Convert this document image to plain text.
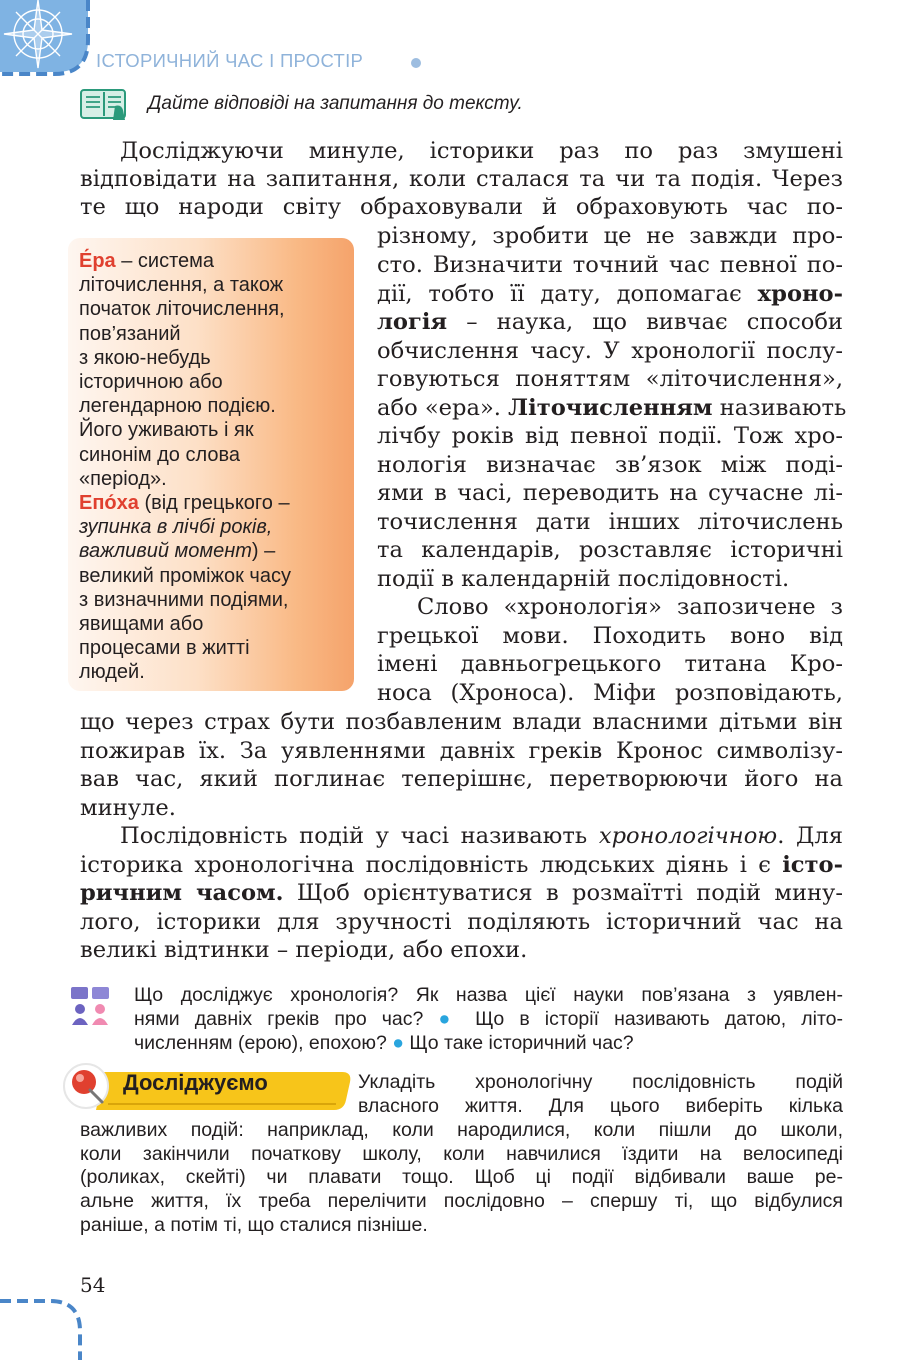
ІСТОРИЧНИЙ ЧАС І ПРОСТІР
Дайте відповіді на запитання до тексту.
Досліджуючи минуле, історики раз по раз змушені
відповідати на запитання, коли сталася та чи та подія. Через
те що народи світу обраховували й обраховують час по-
різному, зробити це не завжди про-
сто. Визначити точний час певної по-
дії, тобто її дату, допомагає хроно-
логія – наука, що вивчає способи
обчислення часу. У хронології послу-
говуються поняттям «літочислення»,
або «ера». Літочисленням називають
лічбу років від певної події. Тож хро-
нологія визначає зв’язок між поді-
ями в часі, переводить на сучасне лі-
точислення дати інших літочислень
та календарів, розставляє історичні
події в календарній послідовності.
Слово «хронологія» запозичене з
грецької мови. Походить воно від
імені давньогрецького титана Кро-
носа (Хроноса). Міфи розповідають,
Е́ра – система
літочислення, а також
початок літочислення,
пов’язаний
з якою-небудь
історичною або
легендарною подією.
Його уживають і як
синонім до слова
«період».
Епо́ха (від грецького –
зупинка в лічбі років,
важливий момент) –
великий проміжок часу
з визначними подіями,
явищами або
процесами в житті
людей.
що через страх бути позбавленим влади власними дітьми він
пожирав їх. За уявленнями давніх греків Кронос символізу-
вав час, який поглинає теперішнє, перетворюючи його на
минуле.
Послідовність подій у часі називають хронологічною. Для
історика хронологічна послідовність людських діянь і є істо-
ричним часом. Щоб орієнтуватися в розмаїтті подій мину-
лого, історики для зручності поділяють історичний час на
великі відтинки – періоди, або епохи.
Що досліджує хронологія? Як назва цієї науки пов’язана з уявлен-
нями давніх греків про час? ● Що в історії називають датою, літо-
численням (ерою), епохою? ● Що таке історичний час?
Досліджуємо	Укладіть хронологічну послідовність подій
власного життя. Для цього виберіть кілька
важливих подій: наприклад, коли народилися, коли пішли до школи,
коли закінчили початкову школу, коли навчилися їздити на велосипеді
(роликах, скейті) чи плавати тощо. Щоб ці події відбивали ваше ре-
альне життя, їх треба перелічити послідовно – спершу ті, що відбулися
раніше, а потім ті, що сталися пізніше.
54
